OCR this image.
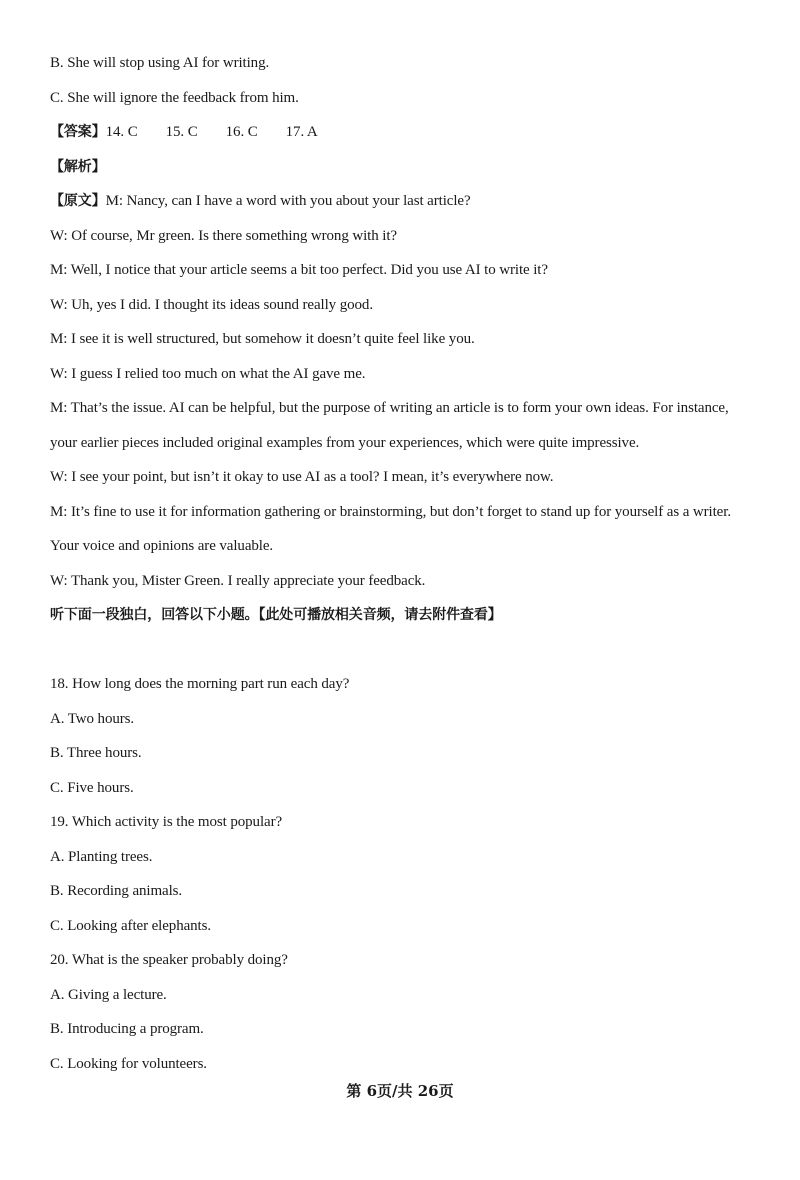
B. She will stop using AI for writing.
C. She will ignore the feedback from him.
【答案】14. C 15. C 16. C 17. A
【解析】
【原文】M: Nancy, can I have a word with you about your last article?
W: Of course, Mr green. Is there something wrong with it?
M: Well, I notice that your article seems a bit too perfect. Did you use AI to write it?
W: Uh, yes I did. I thought its ideas sound really good.
M: I see it is well structured, but somehow it doesn’t quite feel like you.
W: I guess I relied too much on what the AI gave me.
M: That’s the issue. AI can be helpful, but the purpose of writing an article is to form your own ideas. For instance,
your earlier pieces included original examples from your experiences, which were quite impressive.
W: I see your point, but isn’t it okay to use AI as a tool? I mean, it’s everywhere now.
M: It’s fine to use it for information gathering or brainstorming, but don’t forget to stand up for yourself as a writer.
Your voice and opinions are valuable.
W: Thank you, Mister Green. I really appreciate your feedback.
听下面一段独白，回答以下小题。【此处可播放相关音频，请去附件查看】
18. How long does the morning part run each day?
A. Two hours.
B. Three hours.
C. Five hours.
19. Which activity is the most popular?
A. Planting trees.
B. Recording animals.
C. Looking after elephants.
20. What is the speaker probably doing?
A. Giving a lecture.
B. Introducing a program.
C. Looking for volunteers.
第 6页/共 26页
